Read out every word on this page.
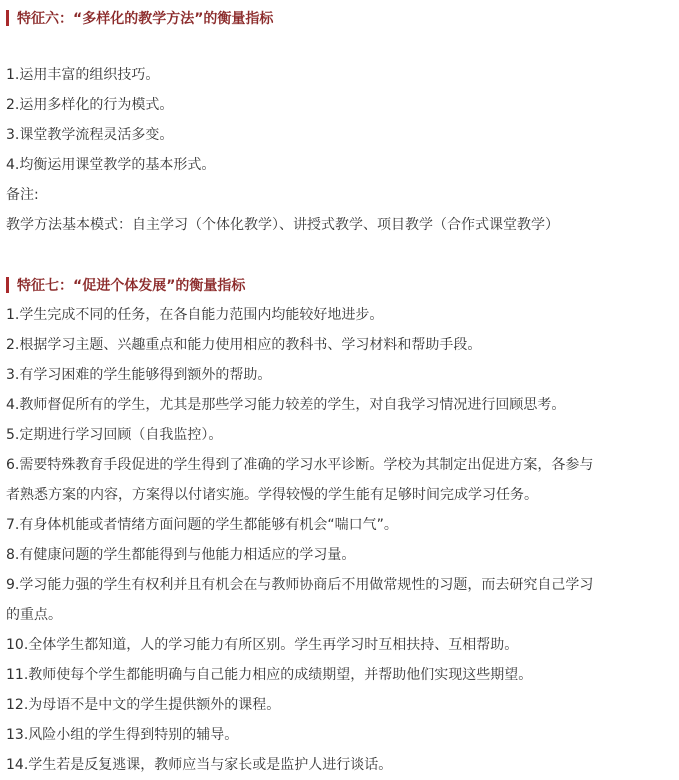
特征六：“多样化的教学方法”的衡量指标
1.运用丰富的组织技巧。
2.运用多样化的行为模式。
3.课堂教学流程灵活多变。
4.均衡运用课堂教学的基本形式。
备注:
教学方法基本模式：自主学习（个体化教学）、讲授式教学、项目教学（合作式课堂教学）
特征七：“促进个体发展”的衡量指标
1.学生完成不同的任务，在各自能力范围内均能较好地进步。
2.根据学习主题、兴趣重点和能力使用相应的教科书、学习材料和帮助手段。
3.有学习困难的学生能够得到额外的帮助。
4.教师督促所有的学生，尤其是那些学习能力较差的学生，对自我学习情况进行回顾思考。
5.定期进行学习回顾（自我监控）。
6.需要特殊教育手段促进的学生得到了准确的学习水平诊断。学校为其制定出促进方案，各参与
者熟悉方案的内容，方案得以付诸实施。学得较慢的学生能有足够时间完成学习任务。
7.有身体机能或者情绪方面问题的学生都能够有机会“喘口气”。
8.有健康问题的学生都能得到与他能力相适应的学习量。
9.学习能力强的学生有权利并且有机会在与教师协商后不用做常规性的习题，而去研究自己学习
的重点。
10.全体学生都知道，人的学习能力有所区别。学生再学习时互相扶持、互相帮助。
11.教师使每个学生都能明确与自己能力相应的成绩期望，并帮助他们实现这些期望。
12.为母语不是中文的学生提供额外的课程。
13.风险小组的学生得到特别的辅导。
14.学生若是反复逃课，教师应当与家长或是监护人进行谈话。
